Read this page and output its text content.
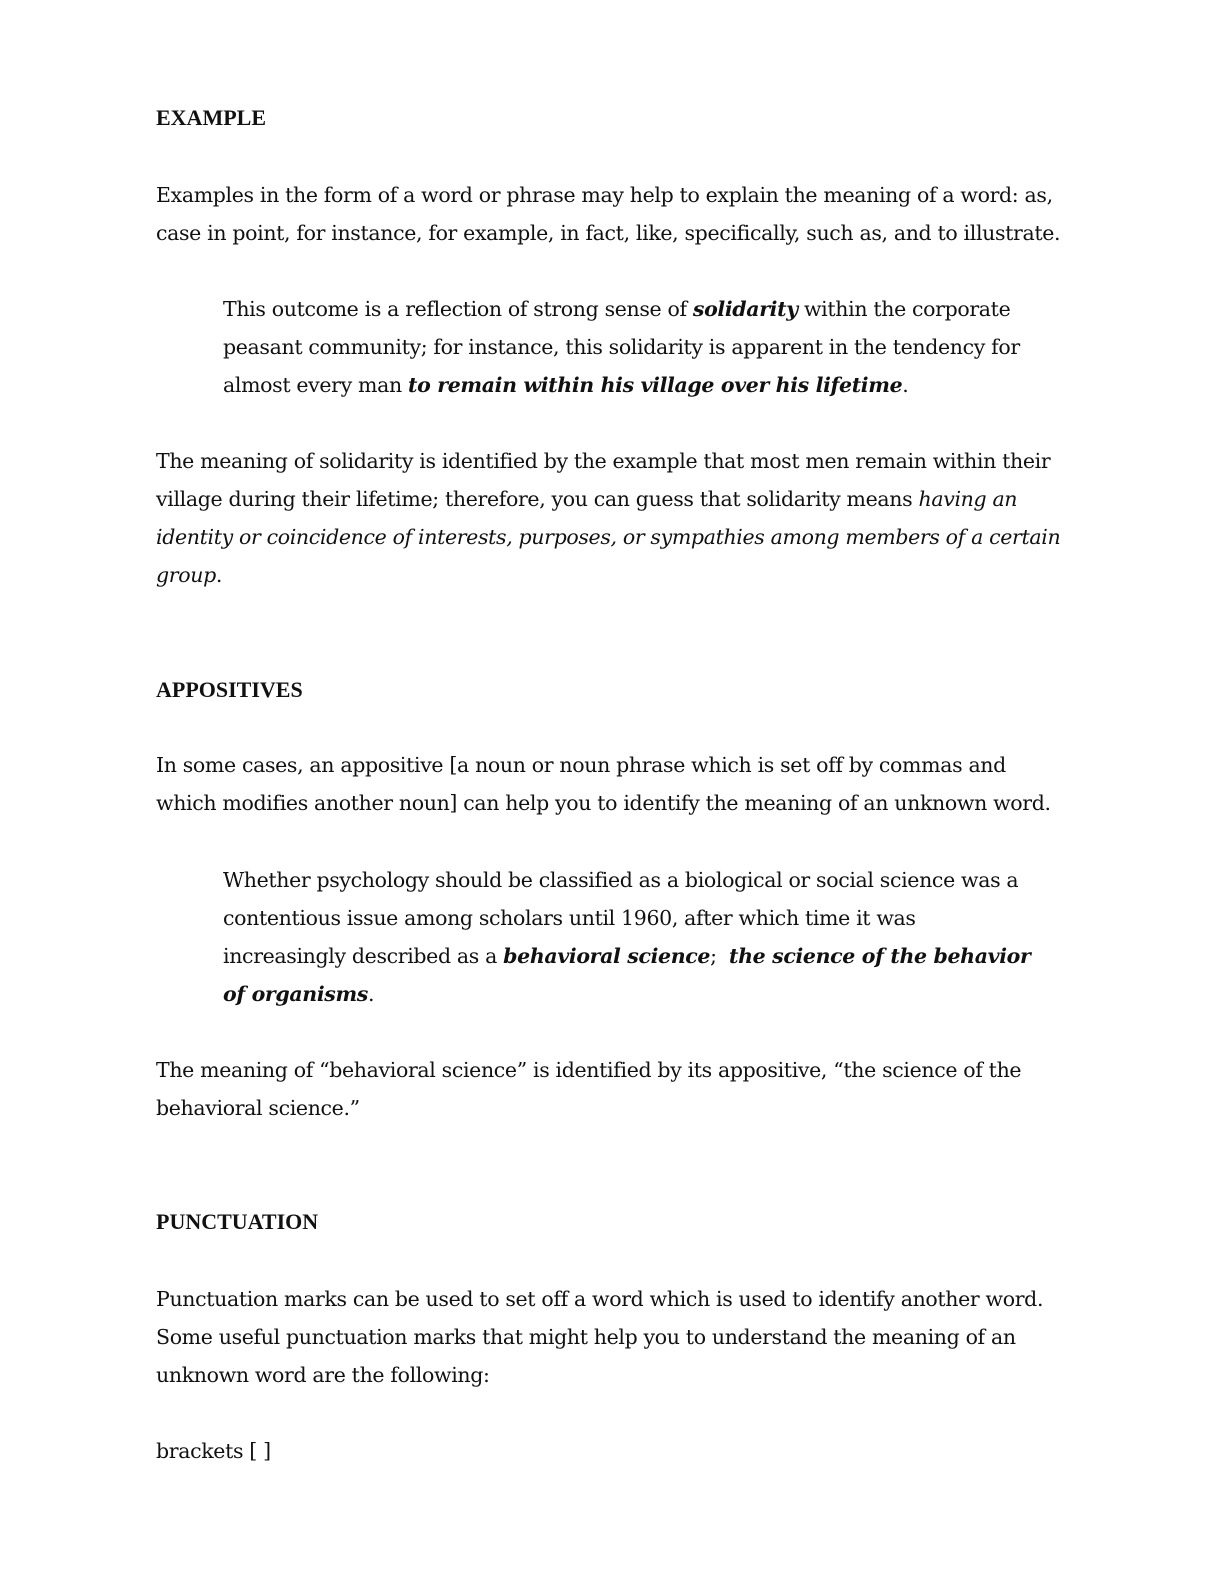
EXAMPLE

Examples in the form of a word or phrase may help to explain the meaning of a word: as, case in point, for instance, for example, in fact, like, specifically, such as, and to illustrate.

This outcome is a reflection of strong sense of solidarity within the corporate peasant community; for instance, this solidarity is apparent in the tendency for almost every man to remain within his village over his lifetime.

The meaning of solidarity is identified by the example that most men remain within their village during their lifetime; therefore, you can guess that solidarity means having an identity or coincidence of interests, purposes, or sympathies among members of a certain group.

APPOSITIVES

In some cases, an appositive [a noun or noun phrase which is set off by commas and which modifies another noun] can help you to identify the meaning of an unknown word.

Whether psychology should be classified as a biological or social science was a contentious issue among scholars until 1960, after which time it was increasingly described as a behavioral science;  the science of the behavior of organisms.

The meaning of “behavioral science” is identified by its appositive, “the science of the behavioral science.”

PUNCTUATION

Punctuation marks can be used to set off a word which is used to identify another word. Some useful punctuation marks that might help you to understand the meaning of an unknown word are the following:

brackets [ ]
